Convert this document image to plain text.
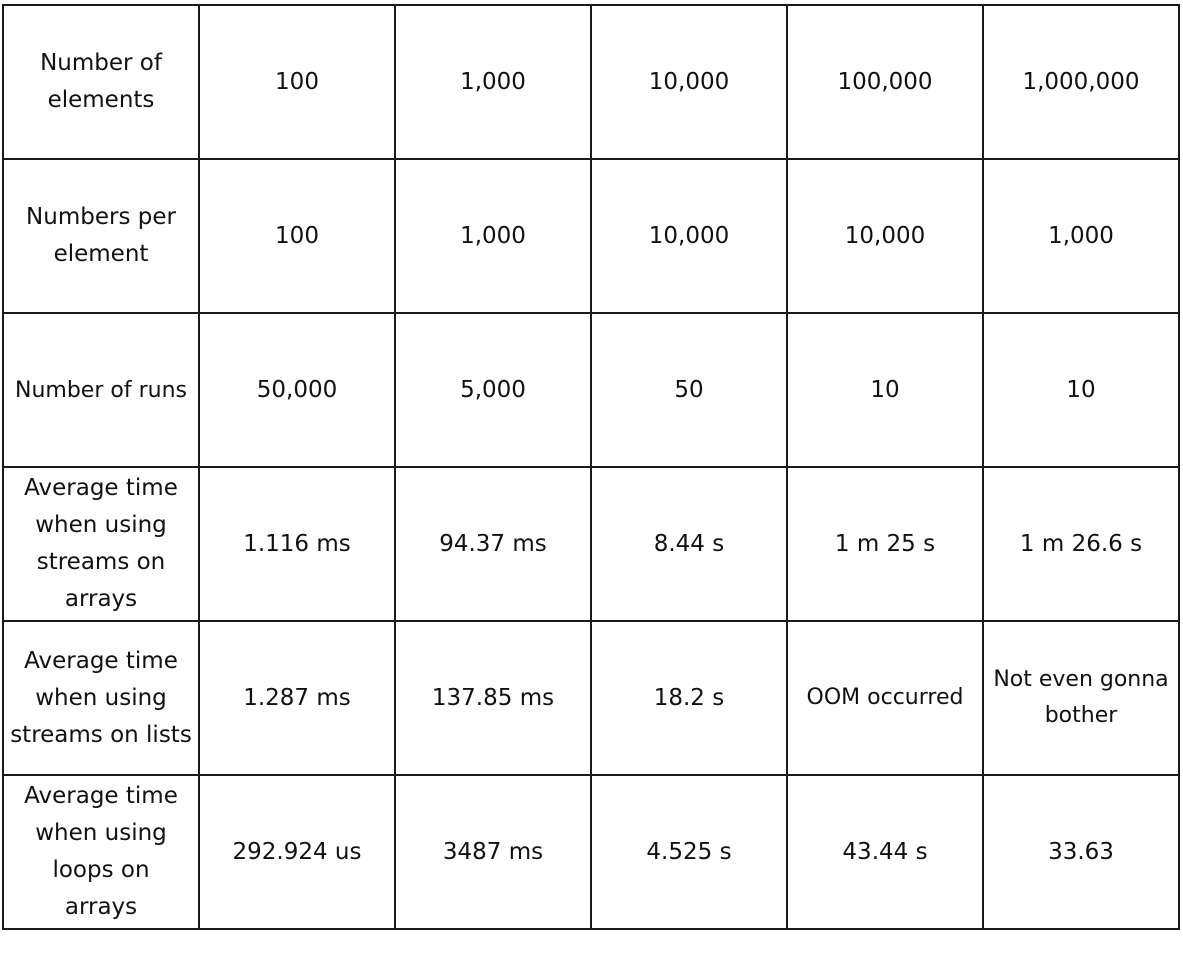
Number of elements	100	1,000	10,000	100,000	1,000,000
Numbers per element	100	1,000	10,000	10,000	1,000
Number of runs	50,000	5,000	50	10	10
Average time when using streams on arrays	1.116 ms	94.37 ms	8.44 s	1 m 25 s	1 m 26.6 s
Average time when using streams on lists	1.287 ms	137.85 ms	18.2 s	OOM occurred	Not even gonna bother
Average time when using loops on arrays	292.924 us	3487 ms	4.525 s	43.44 s	33.63
